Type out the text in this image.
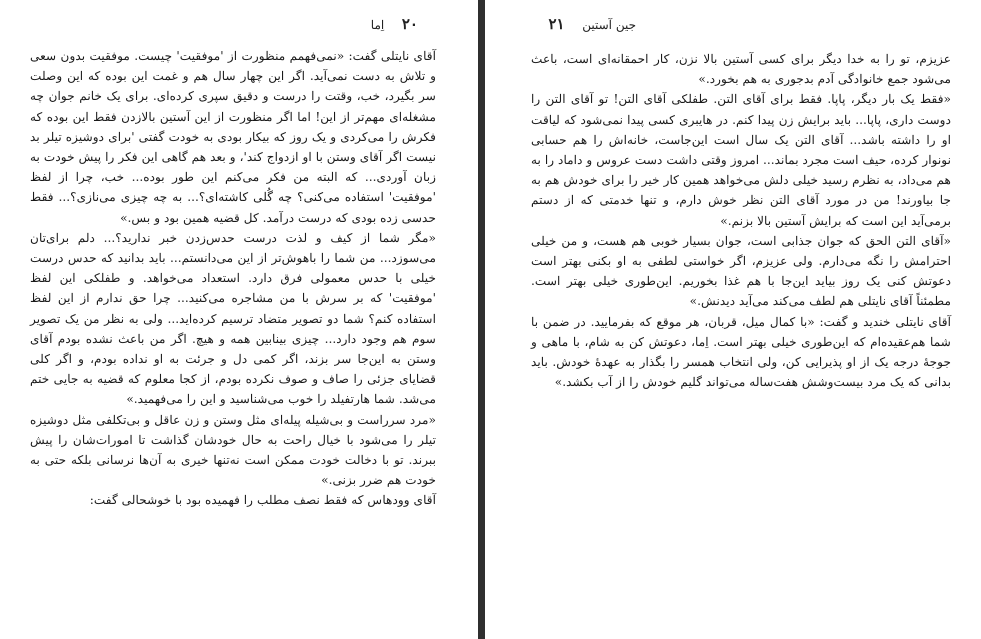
۲۰  اِما

آقای نایتلی گفت: «نمی‌فهمم منظورت از 'موفقیت' چیست. موفقیت بدون سعی و تلاش به دست نمی‌آید. اگر این چهار سال هم و غمت این بوده که این وصلت سر بگیرد، خب، وقتت را درست و دقیق سپری کرده‌ای. برای یک خانم جوان چه مشغله‌ای مهم‌تر از این! اما اگر منظورت از این آستین بالازدن فقط این بوده که فکرش را می‌کردی و یک روز که بیکار بودی به خودت گفتی 'برای دوشیزه تیلر بد نیست اگر آقای وستن با او ازدواج کند'، و بعد هم گاهی این فکر را پیش خودت به زبان آوردی... که البته من فکر می‌کنم این طور بوده... خب، چرا از لفظ 'موفقیت' استفاده می‌کنی؟ چه گُلی کاشته‌ای؟... به چه چیزی می‌نازی؟... فقط حدسی زده بودی که درست درآمد. کل قضیه همین بود و بس.»

«مگر شما از کیف و لذت درست حدس‌زدن خبر ندارید؟... دلم برای‌تان می‌سوزد... من شما را باهوش‌تر از این می‌دانستم... باید بدانید که حدس درست خیلی با حدس معمولی فرق دارد. استعداد می‌خواهد. و طفلکی این لفظ 'موفقیت' که بر سرش با من مشاجره می‌کنید... چرا حق ندارم از این لفظ استفاده کنم؟ شما دو تصویر متضاد ترسیم کرده‌اید... ولی به نظر من یک تصویر سوم هم وجود دارد... چیزی بینابین همه و هیچ. اگر من باعث نشده بودم آقای وستن به این‌جا سر بزند، اگر کمی دل و جرئت به او نداده بودم، و اگر کلی قضایای جزئی را صاف و صوف نکرده بودم، از کجا معلوم که قضیه به جایی ختم می‌شد. شما هارتفیلد را خوب می‌شناسید و این را می‌فهمید.»

«مرد سرراست و بی‌شیله پیله‌ای مثل وستن و زن عاقل و بی‌تکلفی مثل دوشیزه تیلر را می‌شود با خیال راحت به حال خودشان گذاشت تا امورات‌شان را پیش ببرند. تو با دخالت خودت ممکن است نه‌تنها خیری به آن‌ها نرسانی بلکه حتی به خودت هم ضرر بزنی.»

آقای وودهاس که فقط نصف مطلب را فهمیده بود با خوشحالی گفت:

جین آستین  ۲۱

عزیزم، تو را به خدا دیگر برای کسی آستین بالا نزن، کار احمقانه‌ای است، باعث می‌شود جمع خانوادگی آدم بدجوری به هم بخورد.»

«فقط یک بار دیگر، پاپا. فقط برای آقای التن. طفلکی آقای التن! تو آقای التن را دوست داری، پاپا... باید برایش زن پیدا کنم. در هایبری کسی پیدا نمی‌شود که لیاقت او را داشته باشد... آقای التن یک سال است این‌جاست، خانه‌اش را هم حسابی نونوار کرده، حیف است مجرد بماند... امروز وقتی داشت دست عروس و داماد را به هم می‌داد، به نظرم رسید خیلی دلش می‌خواهد همین کار خیر را برای خودش هم به جا بیاورند! من در مورد آقای التن نظر خوش دارم، و تنها خدمتی که از دستم برمی‌آید این است که برایش آستین بالا بزنم.»

«آقای التن الحق که جوان جذابی است، جوان بسیار خوبی هم هست، و من خیلی احترامش را نگه می‌دارم. ولی عزیزم، اگر خواستی لطفی به او بکنی بهتر است دعوتش کنی یک روز بیاید این‌جا با هم غذا بخوریم. این‌طوری خیلی بهتر است. مطمئناً آقای نایتلی هم لطف می‌کند می‌آید دیدنش.»

آقای نایتلی خندید و گفت: «با کمال میل، قربان، هر موقع که بفرمایید. در ضمن با شما هم‌عقیده‌ام که این‌طوری خیلی بهتر است. اِما، دعوتش کن به شام، با ماهی و جوجهٔ درجه یک از او پذیرایی کن، ولی انتخاب همسر را بگذار به عهدهٔ خودش. باید بدانی که یک مرد بیست‌وشش هفت‌ساله می‌تواند گلیم خودش را از آب بکشد.»
